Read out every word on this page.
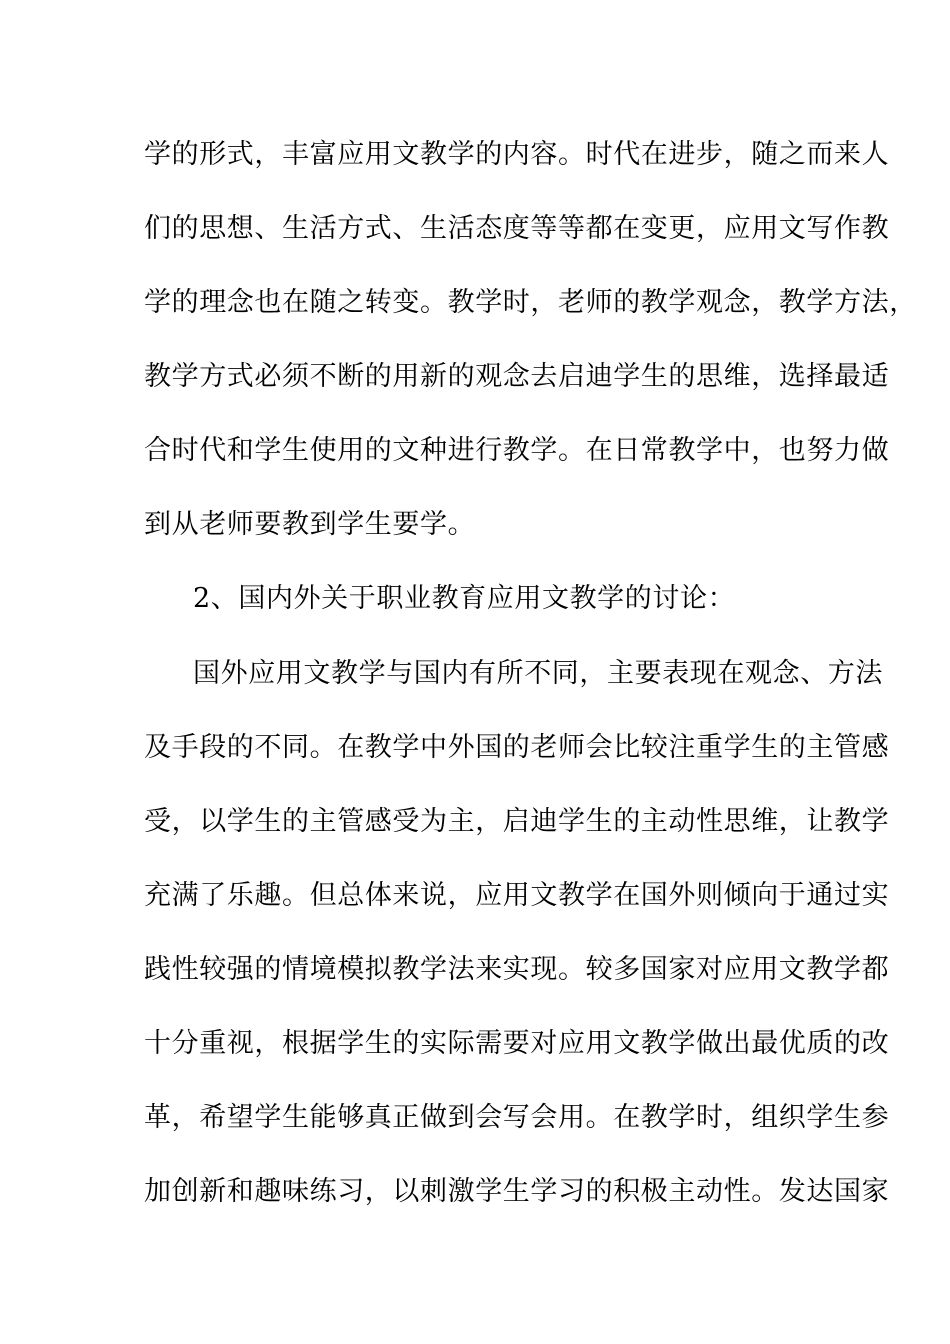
学的形式，丰富应用文教学的内容。时代在进步，随之而来人
们的思想、生活方式、生活态度等等都在变更，应用文写作教
学的理念也在随之转变。教学时，老师的教学观念，教学方法，
教学方式必须不断的用新的观念去启迪学生的思维，选择最适
合时代和学生使用的文种进行教学。在日常教学中，也努力做
到从老师要教到学生要学。
2、国内外关于职业教育应用文教学的讨论：
国外应用文教学与国内有所不同，主要表现在观念、方法
及手段的不同。在教学中外国的老师会比较注重学生的主管感
受，以学生的主管感受为主，启迪学生的主动性思维，让教学
充满了乐趣。但总体来说，应用文教学在国外则倾向于通过实
践性较强的情境模拟教学法来实现。较多国家对应用文教学都
十分重视，根据学生的实际需要对应用文教学做出最优质的改
革，希望学生能够真正做到会写会用。在教学时，组织学生参
加创新和趣味练习，以刺激学生学习的积极主动性。发达国家
